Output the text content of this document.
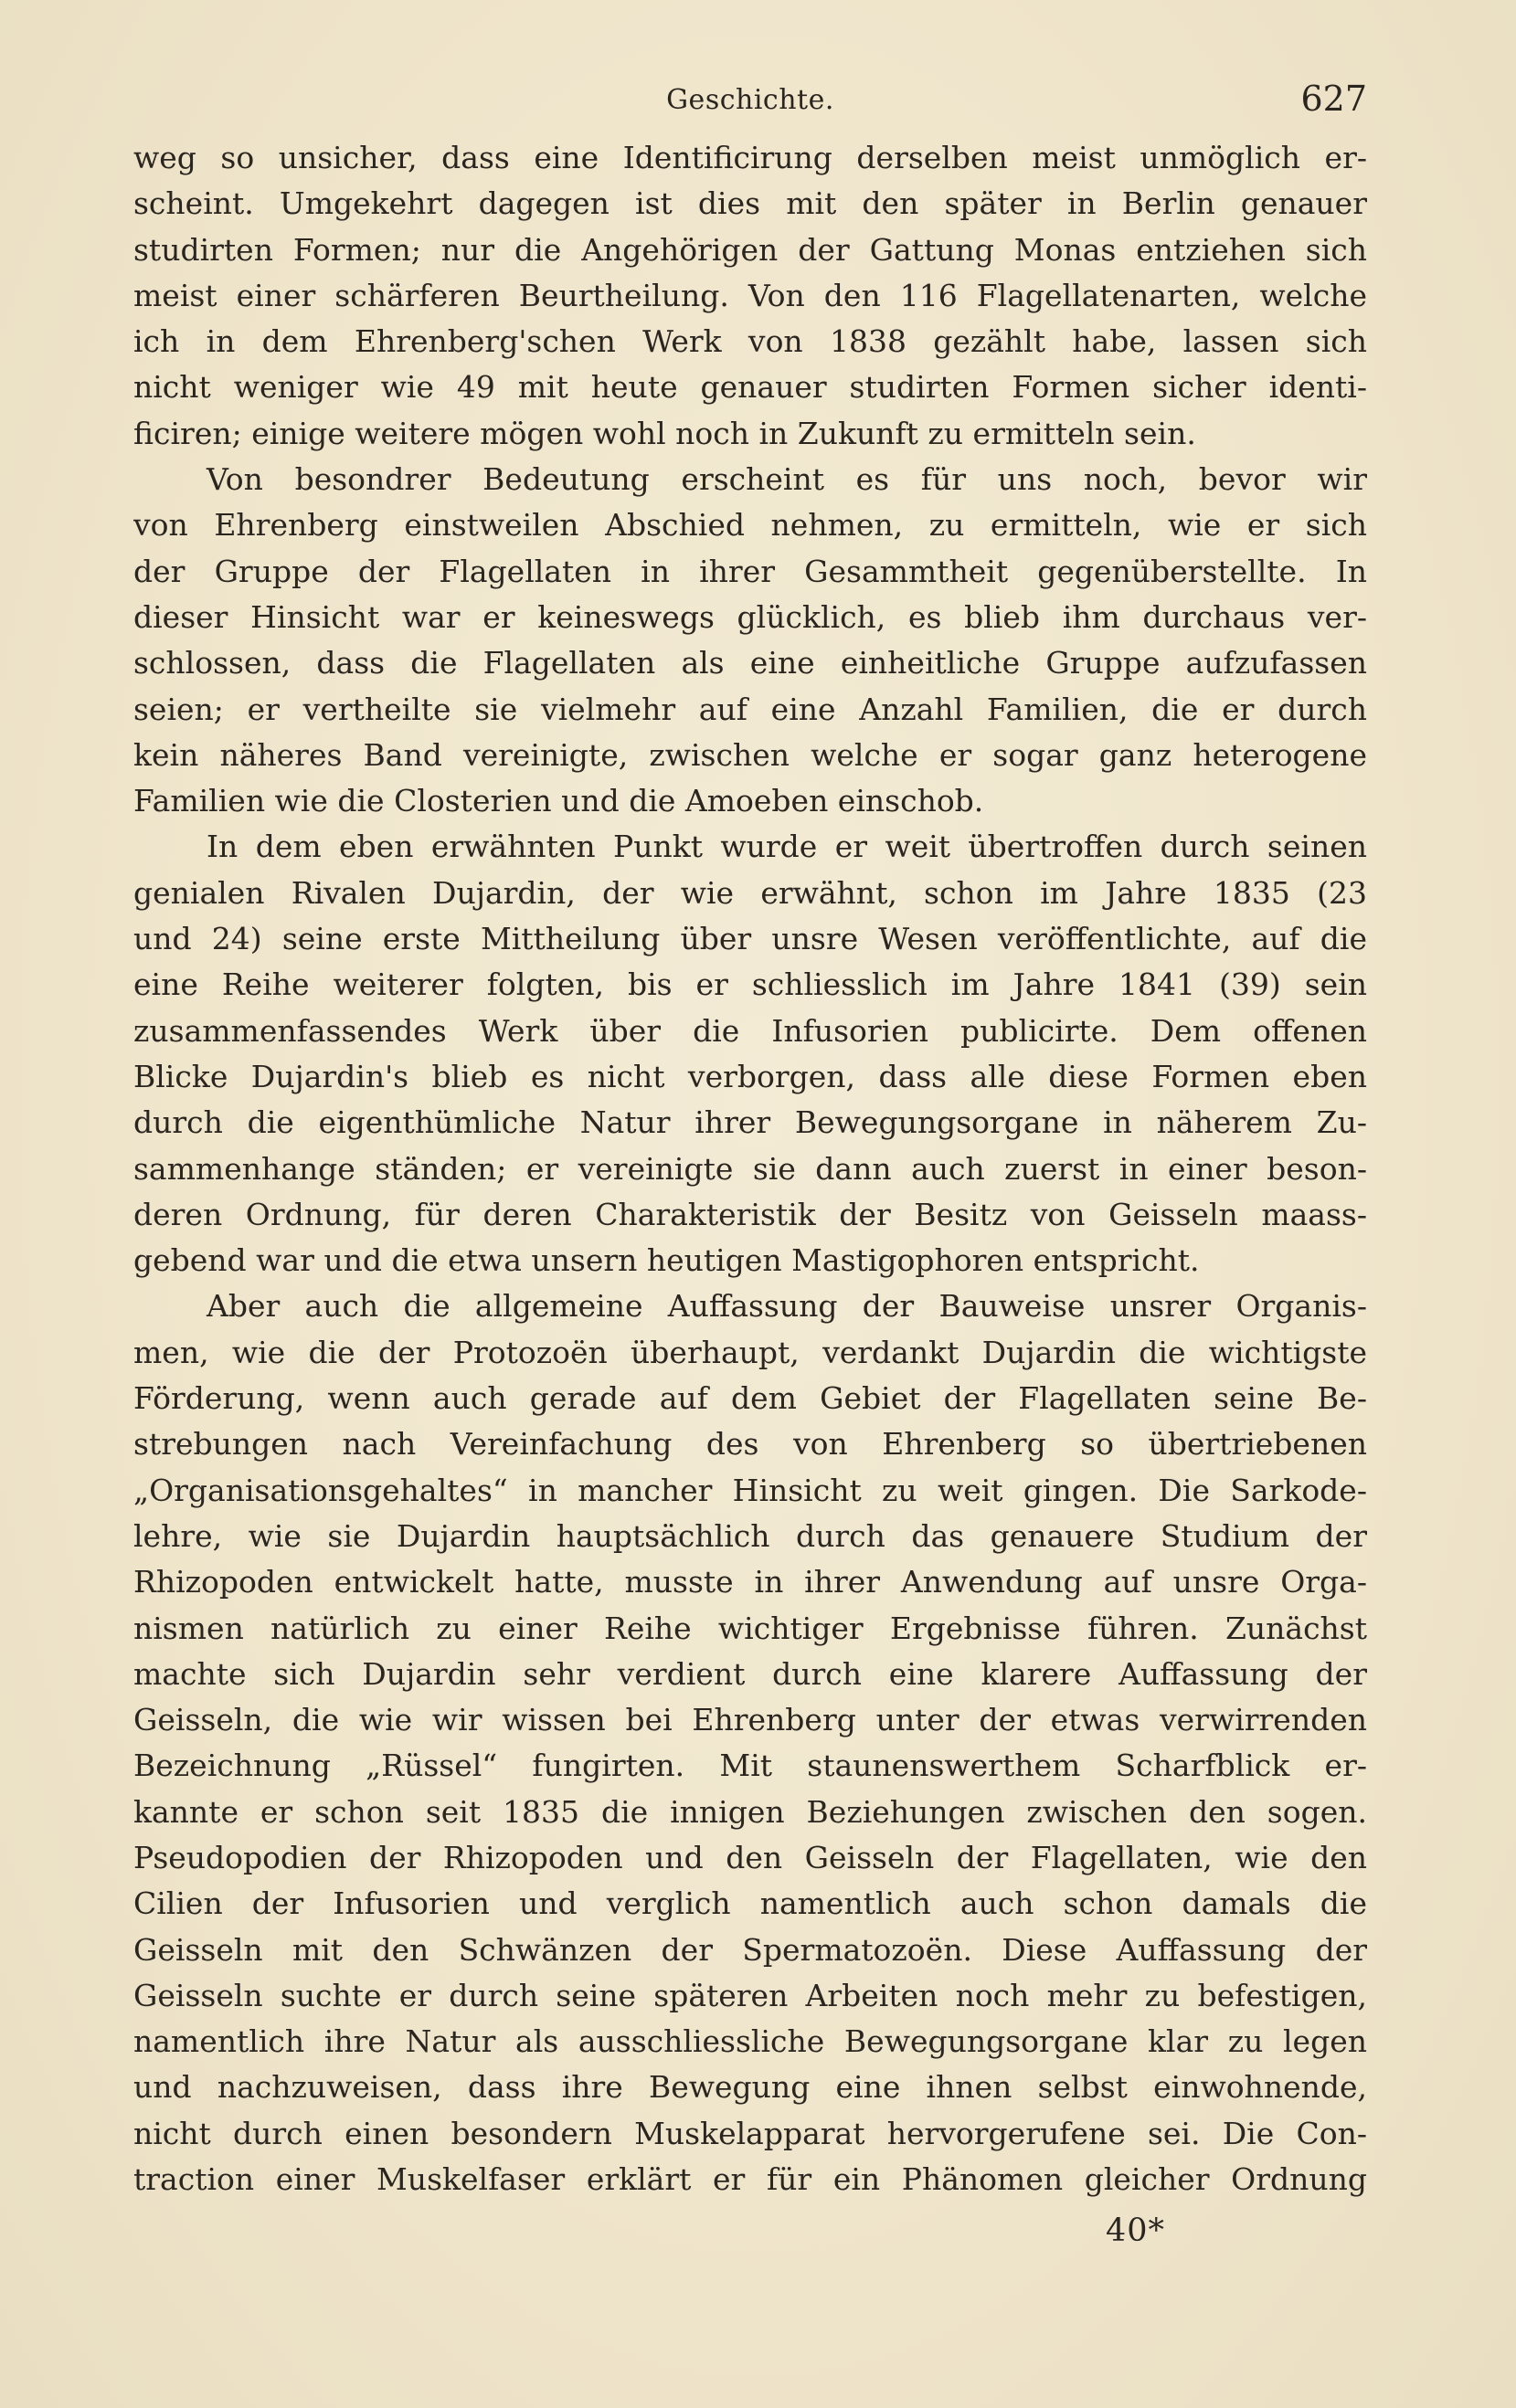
Geschichte.	627
weg so unsicher, dass eine Identificirung derselben meist unmöglich er-
scheint. Umgekehrt dagegen ist dies mit den später in Berlin genauer
studirten Formen; nur die Angehörigen der Gattung Monas entziehen sich
meist einer schärferen Beurtheilung. Von den 116 Flagellatenarten, welche
ich in dem Ehrenberg'schen Werk von 1838 gezählt habe, lassen sich
nicht weniger wie 49 mit heute genauer studirten Formen sicher identi-
ficiren; einige weitere mögen wohl noch in Zukunft zu ermitteln sein.
Von besondrer Bedeutung erscheint es für uns noch, bevor wir
von Ehrenberg einstweilen Abschied nehmen, zu ermitteln, wie er sich
der Gruppe der Flagellaten in ihrer Gesammtheit gegenüberstellte. In
dieser Hinsicht war er keineswegs glücklich, es blieb ihm durchaus ver-
schlossen, dass die Flagellaten als eine einheitliche Gruppe aufzufassen
seien; er vertheilte sie vielmehr auf eine Anzahl Familien, die er durch
kein näheres Band vereinigte, zwischen welche er sogar ganz heterogene
Familien wie die Closterien und die Amoeben einschob.
In dem eben erwähnten Punkt wurde er weit übertroffen durch seinen
genialen Rivalen Dujardin, der wie erwähnt, schon im Jahre 1835 (23
und 24) seine erste Mittheilung über unsre Wesen veröffentlichte, auf die
eine Reihe weiterer folgten, bis er schliesslich im Jahre 1841 (39) sein
zusammenfassendes Werk über die Infusorien publicirte. Dem offenen
Blicke Dujardin's blieb es nicht verborgen, dass alle diese Formen eben
durch die eigenthümliche Natur ihrer Bewegungsorgane in näherem Zu-
sammenhange ständen; er vereinigte sie dann auch zuerst in einer beson-
deren Ordnung, für deren Charakteristik der Besitz von Geisseln maass-
gebend war und die etwa unsern heutigen Mastigophoren entspricht.
Aber auch die allgemeine Auffassung der Bauweise unsrer Organis-
men, wie die der Protozoën überhaupt, verdankt Dujardin die wichtigste
Förderung, wenn auch gerade auf dem Gebiet der Flagellaten seine Be-
strebungen nach Vereinfachung des von Ehrenberg so übertriebenen
„Organisationsgehaltes“ in mancher Hinsicht zu weit gingen. Die Sarkode-
lehre, wie sie Dujardin hauptsächlich durch das genauere Studium der
Rhizopoden entwickelt hatte, musste in ihrer Anwendung auf unsre Orga-
nismen natürlich zu einer Reihe wichtiger Ergebnisse führen. Zunächst
machte sich Dujardin sehr verdient durch eine klarere Auffassung der
Geisseln, die wie wir wissen bei Ehrenberg unter der etwas verwirrenden
Bezeichnung „Rüssel“ fungirten. Mit staunenswerthem Scharfblick er-
kannte er schon seit 1835 die innigen Beziehungen zwischen den sogen.
Pseudopodien der Rhizopoden und den Geisseln der Flagellaten, wie den
Cilien der Infusorien und verglich namentlich auch schon damals die
Geisseln mit den Schwänzen der Spermatozoën. Diese Auffassung der
Geisseln suchte er durch seine späteren Arbeiten noch mehr zu befestigen,
namentlich ihre Natur als ausschliessliche Bewegungsorgane klar zu legen
und nachzuweisen, dass ihre Bewegung eine ihnen selbst einwohnende,
nicht durch einen besondern Muskelapparat hervorgerufene sei. Die Con-
traction einer Muskelfaser erklärt er für ein Phänomen gleicher Ordnung
40*
